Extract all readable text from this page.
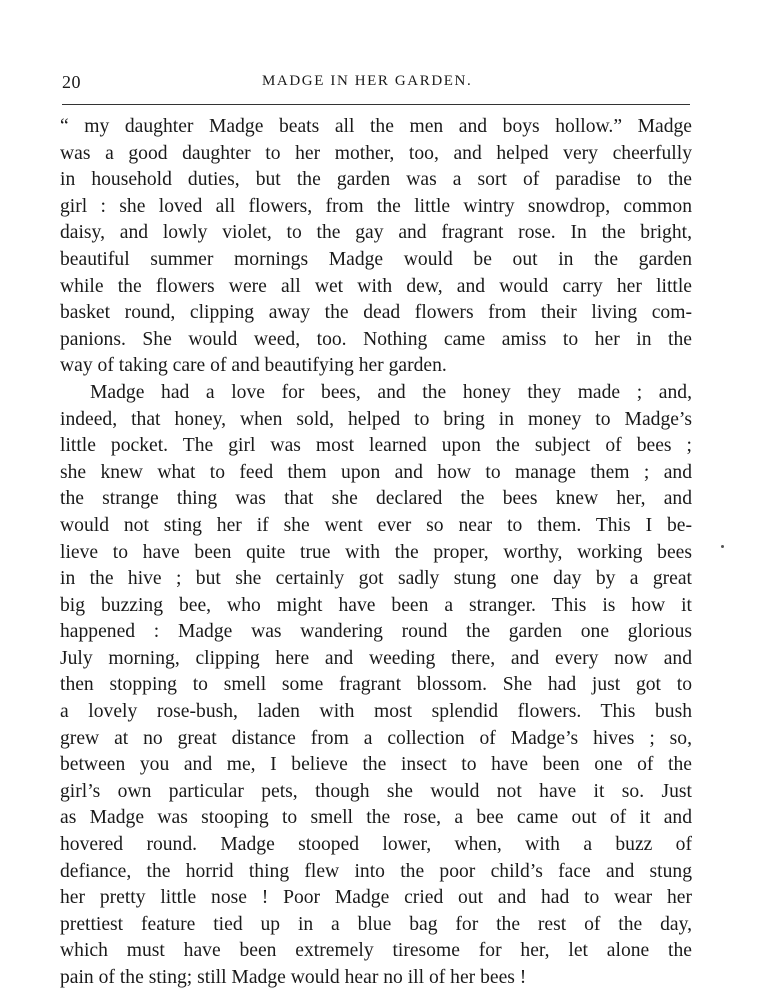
20	MADGE IN HER GARDEN.
“ my daughter Madge beats all the men and boys hollow.” Madge
was a good daughter to her mother, too, and helped very cheerfully
in household duties, but the garden was a sort of paradise to the
girl : she loved all flowers, from the little wintry snowdrop, common
daisy, and lowly violet, to the gay and fragrant rose. In the bright,
beautiful summer mornings Madge would be out in the garden
while the flowers were all wet with dew, and would carry her little
basket round, clipping away the dead flowers from their living com-
panions. She would weed, too. Nothing came amiss to her in the
way of taking care of and beautifying her garden.
Madge had a love for bees, and the honey they made ; and,
indeed, that honey, when sold, helped to bring in money to Madge’s
little pocket. The girl was most learned upon the subject of bees ;
she knew what to feed them upon and how to manage them ; and
the strange thing was that she declared the bees knew her, and
would not sting her if she went ever so near to them. This I be-
lieve to have been quite true with the proper, worthy, working bees
in the hive ; but she certainly got sadly stung one day by a great
big buzzing bee, who might have been a stranger. This is how it
happened : Madge was wandering round the garden one glorious
July morning, clipping here and weeding there, and every now and
then stopping to smell some fragrant blossom. She had just got to
a lovely rose-bush, laden with most splendid flowers. This bush
grew at no great distance from a collection of Madge’s hives ; so,
between you and me, I believe the insect to have been one of the
girl’s own particular pets, though she would not have it so. Just
as Madge was stooping to smell the rose, a bee came out of it and
hovered round. Madge stooped lower, when, with a buzz of
defiance, the horrid thing flew into the poor child’s face and stung
her pretty little nose ! Poor Madge cried out and had to wear her
prettiest feature tied up in a blue bag for the rest of the day,
which must have been extremely tiresome for her, let alone the
pain of the sting; still Madge would hear no ill of her bees !
